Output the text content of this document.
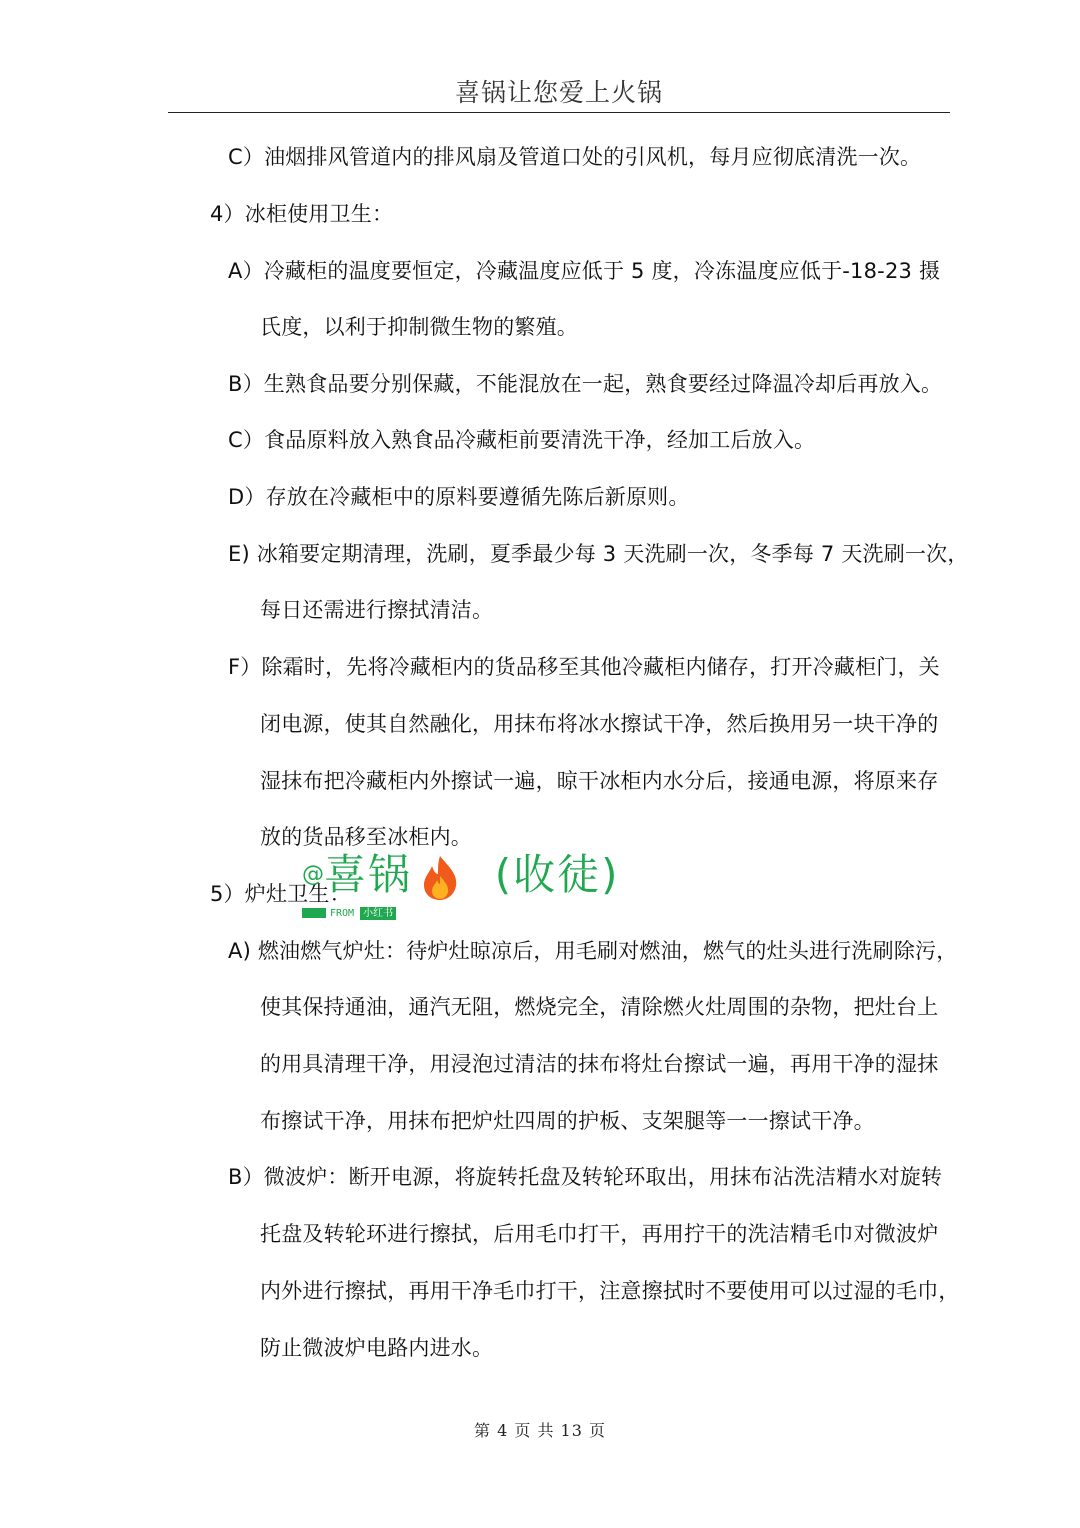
喜锅让您爱上火锅
C）油烟排风管道内的排风扇及管道口处的引风机，每月应彻底清洗一次。
4）冰柜使用卫生：
A）冷藏柜的温度要恒定，冷藏温度应低于 5 度，冷冻温度应低于-18-23 摄
氏度，以利于抑制微生物的繁殖。
B）生熟食品要分别保藏，不能混放在一起，熟食要经过降温冷却后再放入。
C）食品原料放入熟食品冷藏柜前要清洗干净，经加工后放入。
D）存放在冷藏柜中的原料要遵循先陈后新原则。
E) 冰箱要定期清理，洗刷，夏季最少每 3 天洗刷一次，冬季每 7 天洗刷一次，
每日还需进行擦拭清洁。
F）除霜时，先将冷藏柜内的货品移至其他冷藏柜内储存，打开冷藏柜门，关
闭电源，使其自然融化，用抹布将冰水擦试干净，然后换用另一块干净的
湿抹布把冷藏柜内外擦试一遍，晾干冰柜内水分后，接通电源，将原来存
放的货品移至冰柜内。
5）炉灶卫生：
A) 燃油燃气炉灶：待炉灶晾凉后，用毛刷对燃油，燃气的灶头进行洗刷除污，
使其保持通油，通汽无阻，燃烧完全，清除燃火灶周围的杂物，把灶台上
的用具清理干净，用浸泡过清洁的抹布将灶台擦试一遍，再用干净的湿抹
布擦试干净，用抹布把炉灶四周的护板、支架腿等一一擦试干净。
B）微波炉：断开电源，将旋转托盘及转轮环取出，用抹布沾洗洁精水对旋转
托盘及转轮环进行擦拭，后用毛巾打干，再用拧干的洗洁精毛巾对微波炉
内外进行擦拭，再用干净毛巾打干，注意擦拭时不要使用可以过湿的毛巾，
防止微波炉电路内进水。
@ 喜锅 (收徒)
FROM 小红书
第 4 页 共 13 页
